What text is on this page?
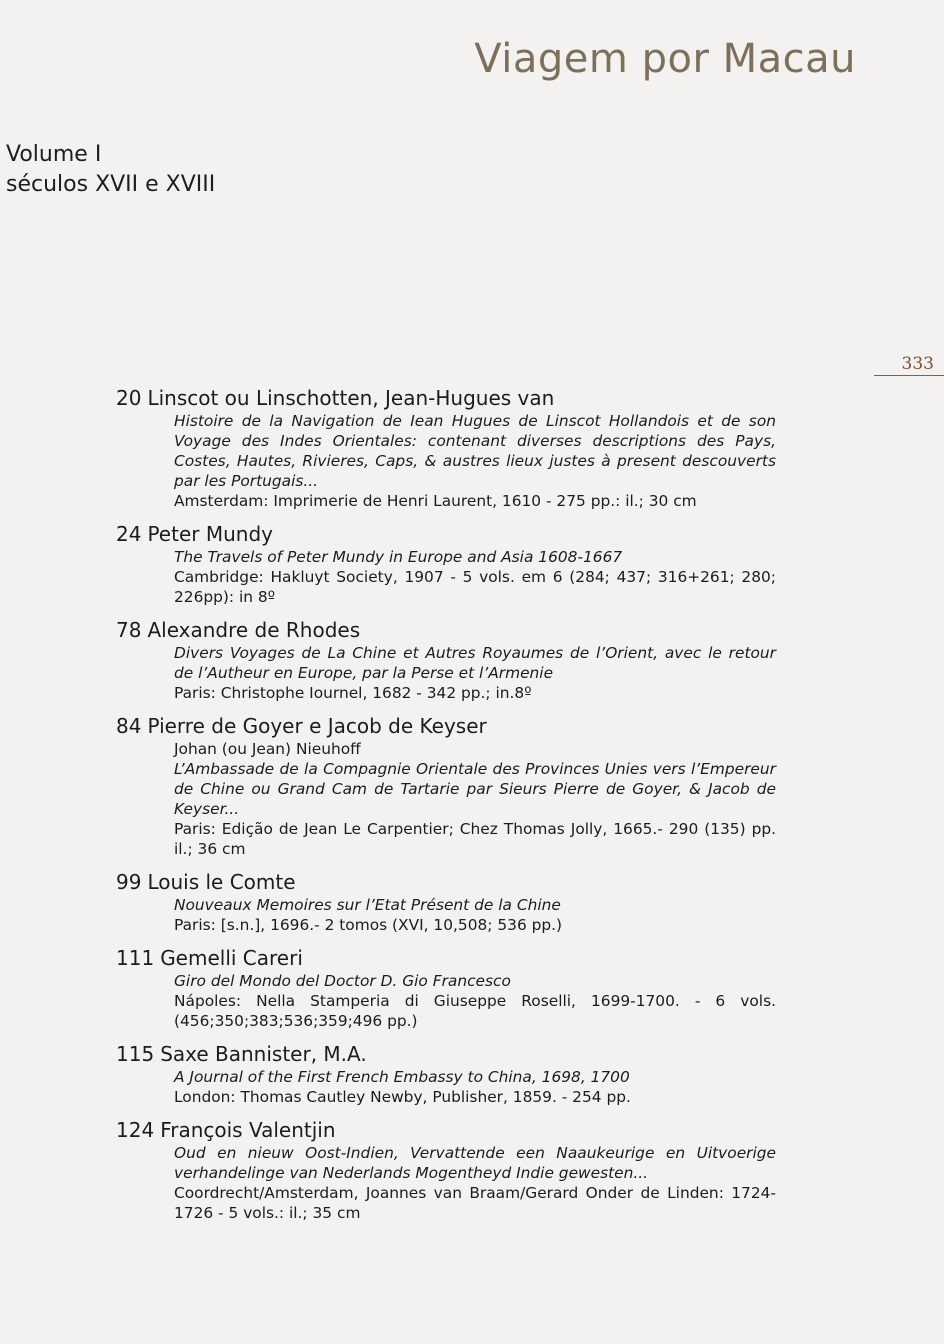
Viagem por Macau
Volume I
séculos XVII e XVIII
333
20 Linscot ou Linschotten, Jean-Hugues van
Histoire de la Navigation de Iean Hugues de Linscot Hollandois et de son Voyage des Indes Orientales: contenant diverses descriptions des Pays, Costes, Hautes, Rivieres, Caps, & austres lieux justes à present descouverts par les Portugais...
Amsterdam: Imprimerie de Henri Laurent, 1610 - 275 pp.: il.; 30 cm
24 Peter Mundy
The Travels of Peter Mundy in Europe and Asia 1608-1667
Cambridge: Hakluyt Society, 1907 - 5 vols. em 6 (284; 437; 316+261; 280; 226pp): in 8º
78 Alexandre de Rhodes
Divers Voyages de La Chine et Autres Royaumes de l’Orient, avec le retour de l’Autheur en Europe, par la Perse et l’Armenie
Paris: Christophe Iournel, 1682 - 342 pp.; in.8º
84 Pierre de Goyer e Jacob de Keyser
Johan (ou Jean) Nieuhoff
L’Ambassade de la Compagnie Orientale des Provinces Unies vers l’Empereur de Chine ou Grand Cam de Tartarie par Sieurs Pierre de Goyer, & Jacob de Keyser...
Paris: Edição de Jean Le Carpentier; Chez Thomas Jolly, 1665.- 290 (135) pp. il.; 36 cm
99 Louis le Comte
Nouveaux Memoires sur l’Etat Présent de la Chine
Paris: [s.n.], 1696.- 2 tomos (XVI, 10,508; 536 pp.)
111 Gemelli Careri
Giro del Mondo del Doctor D. Gio Francesco
Nápoles: Nella Stamperia di Giuseppe Roselli, 1699-1700. - 6 vols. (456;350;383;536;359;496 pp.)
115 Saxe Bannister, M.A.
A Journal of the First French Embassy to China, 1698, 1700
London: Thomas Cautley Newby, Publisher, 1859. - 254 pp.
124 François Valentjin
Oud en nieuw Oost-Indien, Vervattende een Naaukeurige en Uitvoerige verhandelinge van Nederlands Mogentheyd Indie gewesten...
Coordrecht/Amsterdam, Joannes van Braam/Gerard Onder de Linden: 1724-1726 - 5 vols.: il.; 35 cm
